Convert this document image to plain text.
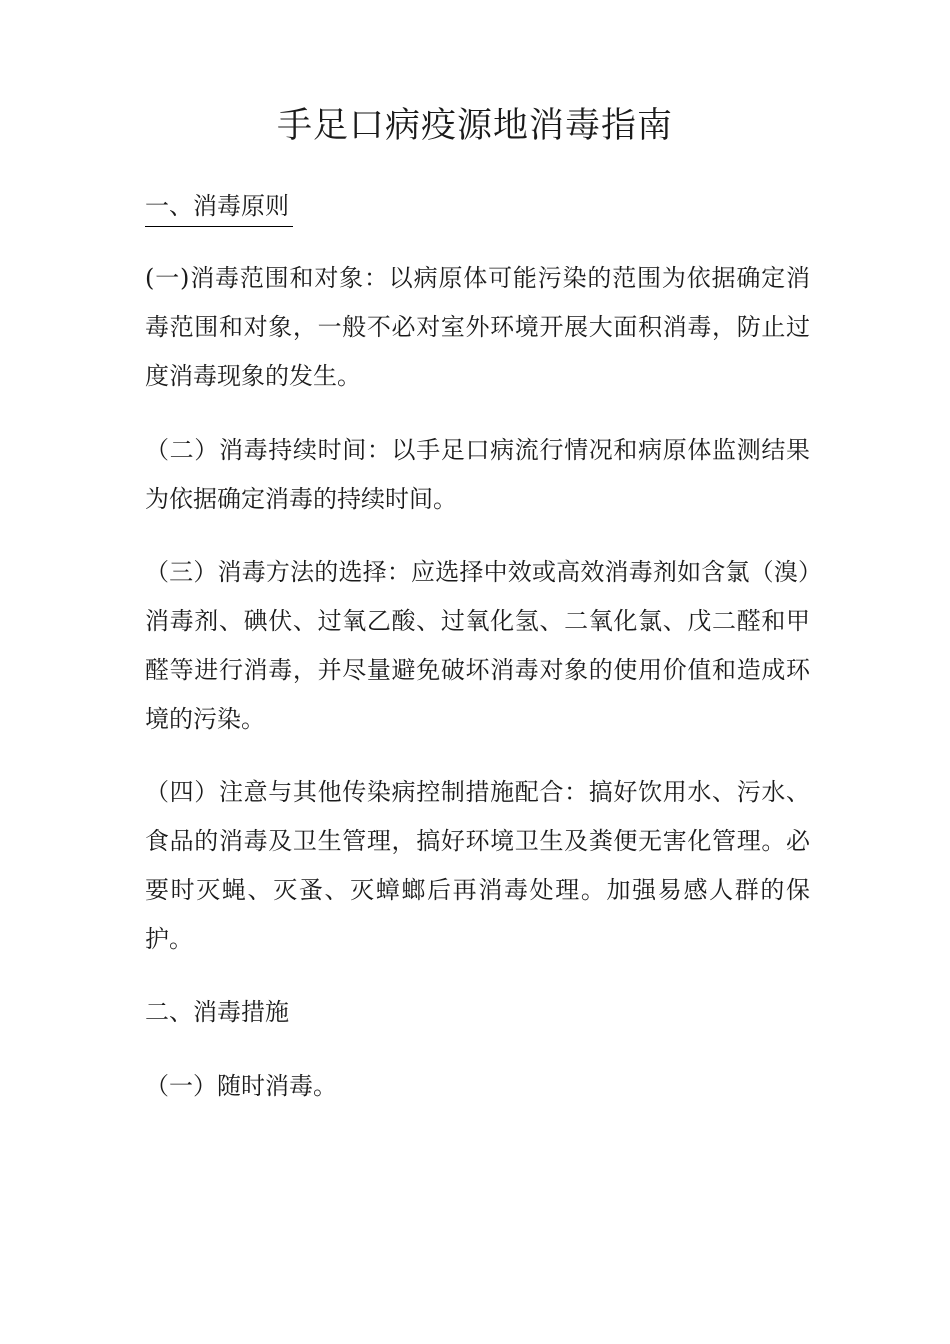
手足口病疫源地消毒指南
一、消毒原则
(一)消毒范围和对象：以病原体可能污染的范围为依据确定消毒范围和对象，一般不必对室外环境开展大面积消毒，防止过度消毒现象的发生。
（二）消毒持续时间：以手足口病流行情况和病原体监测结果为依据确定消毒的持续时间。
（三）消毒方法的选择：应选择中效或高效消毒剂如含氯（溴）消毒剂、碘伏、过氧乙酸、过氧化氢、二氧化氯、戊二醛和甲醛等进行消毒，并尽量避免破坏消毒对象的使用价值和造成环境的污染。
（四）注意与其他传染病控制措施配合：搞好饮用水、污水、食品的消毒及卫生管理，搞好环境卫生及粪便无害化管理。必要时灭蝇、灭蚤、灭蟑螂后再消毒处理。加强易感人群的保护。
二、消毒措施
（一）随时消毒。
